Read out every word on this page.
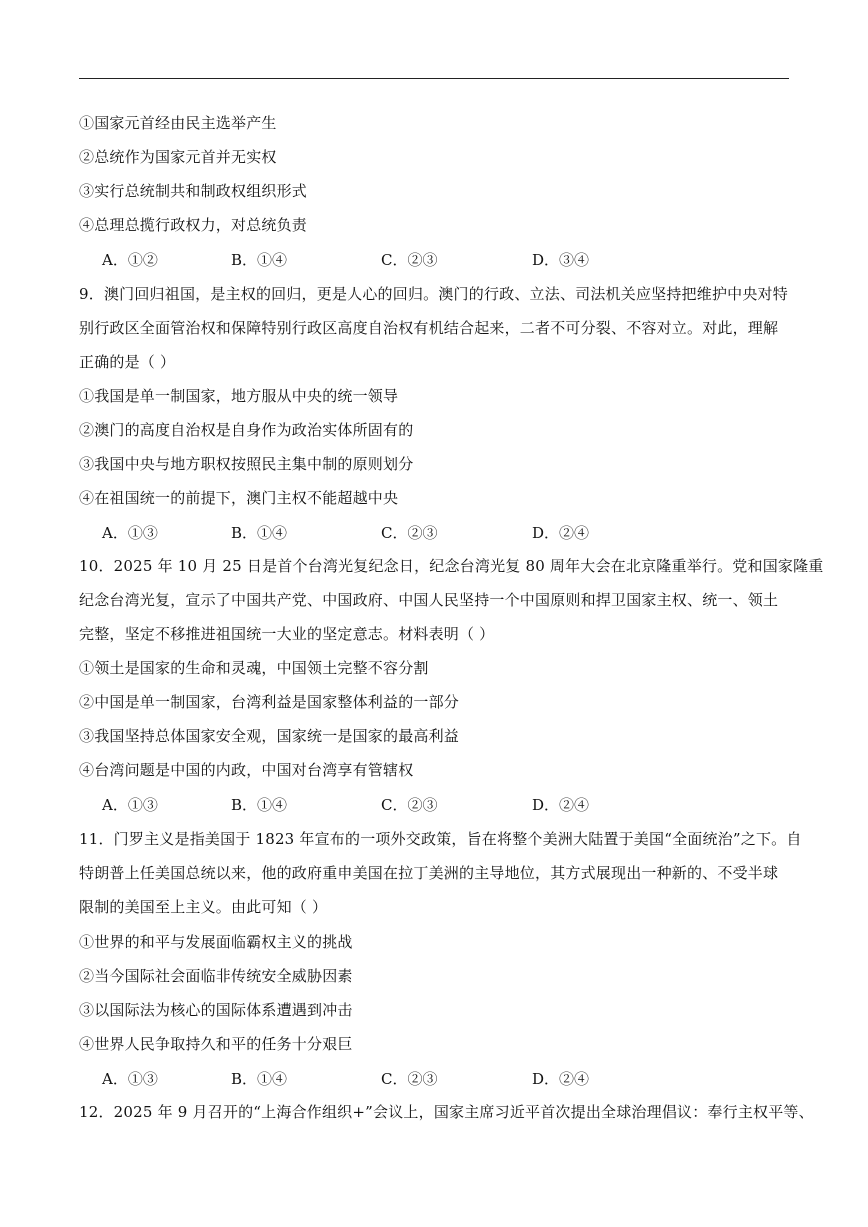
①国家元首经由民主选举产生
②总统作为国家元首并无实权
③实行总统制共和制政权组织形式
④总理总揽行政权力，对总统负责
A．①②	B．①④	C．②③	D．③④
9．澳门回归祖国，是主权的回归，更是人心的回归。澳门的行政、立法、司法机关应坚持把维护中央对特
别行政区全面管治权和保障特别行政区高度自治权有机结合起来，二者不可分裂、不容对立。对此，理解
正确的是（ ）
①我国是单一制国家，地方服从中央的统一领导
②澳门的高度自治权是自身作为政治实体所固有的
③我国中央与地方职权按照民主集中制的原则划分
④在祖国统一的前提下，澳门主权不能超越中央
A．①③	B．①④	C．②③	D．②④
10．2025 年 10 月 25 日是首个台湾光复纪念日，纪念台湾光复 80 周年大会在北京隆重举行。党和国家隆重
纪念台湾光复，宣示了中国共产党、中国政府、中国人民坚持一个中国原则和捍卫国家主权、统一、领土
完整，坚定不移推进祖国统一大业的坚定意志。材料表明（ ）
①领土是国家的生命和灵魂，中国领土完整不容分割
②中国是单一制国家，台湾利益是国家整体利益的一部分
③我国坚持总体国家安全观，国家统一是国家的最高利益
④台湾问题是中国的内政，中国对台湾享有管辖权
A．①③	B．①④	C．②③	D．②④
11．门罗主义是指美国于 1823 年宣布的一项外交政策，旨在将整个美洲大陆置于美国“全面统治”之下。自
特朗普上任美国总统以来，他的政府重申美国在拉丁美洲的主导地位，其方式展现出一种新的、不受半球
限制的美国至上主义。由此可知（ ）
①世界的和平与发展面临霸权主义的挑战
②当今国际社会面临非传统安全威胁因素
③以国际法为核心的国际体系遭遇到冲击
④世界人民争取持久和平的任务十分艰巨
A．①③	B．①④	C．②③	D．②④
12．2025 年 9 月召开的“上海合作组织+”会议上，国家主席习近平首次提出全球治理倡议：奉行主权平等、
